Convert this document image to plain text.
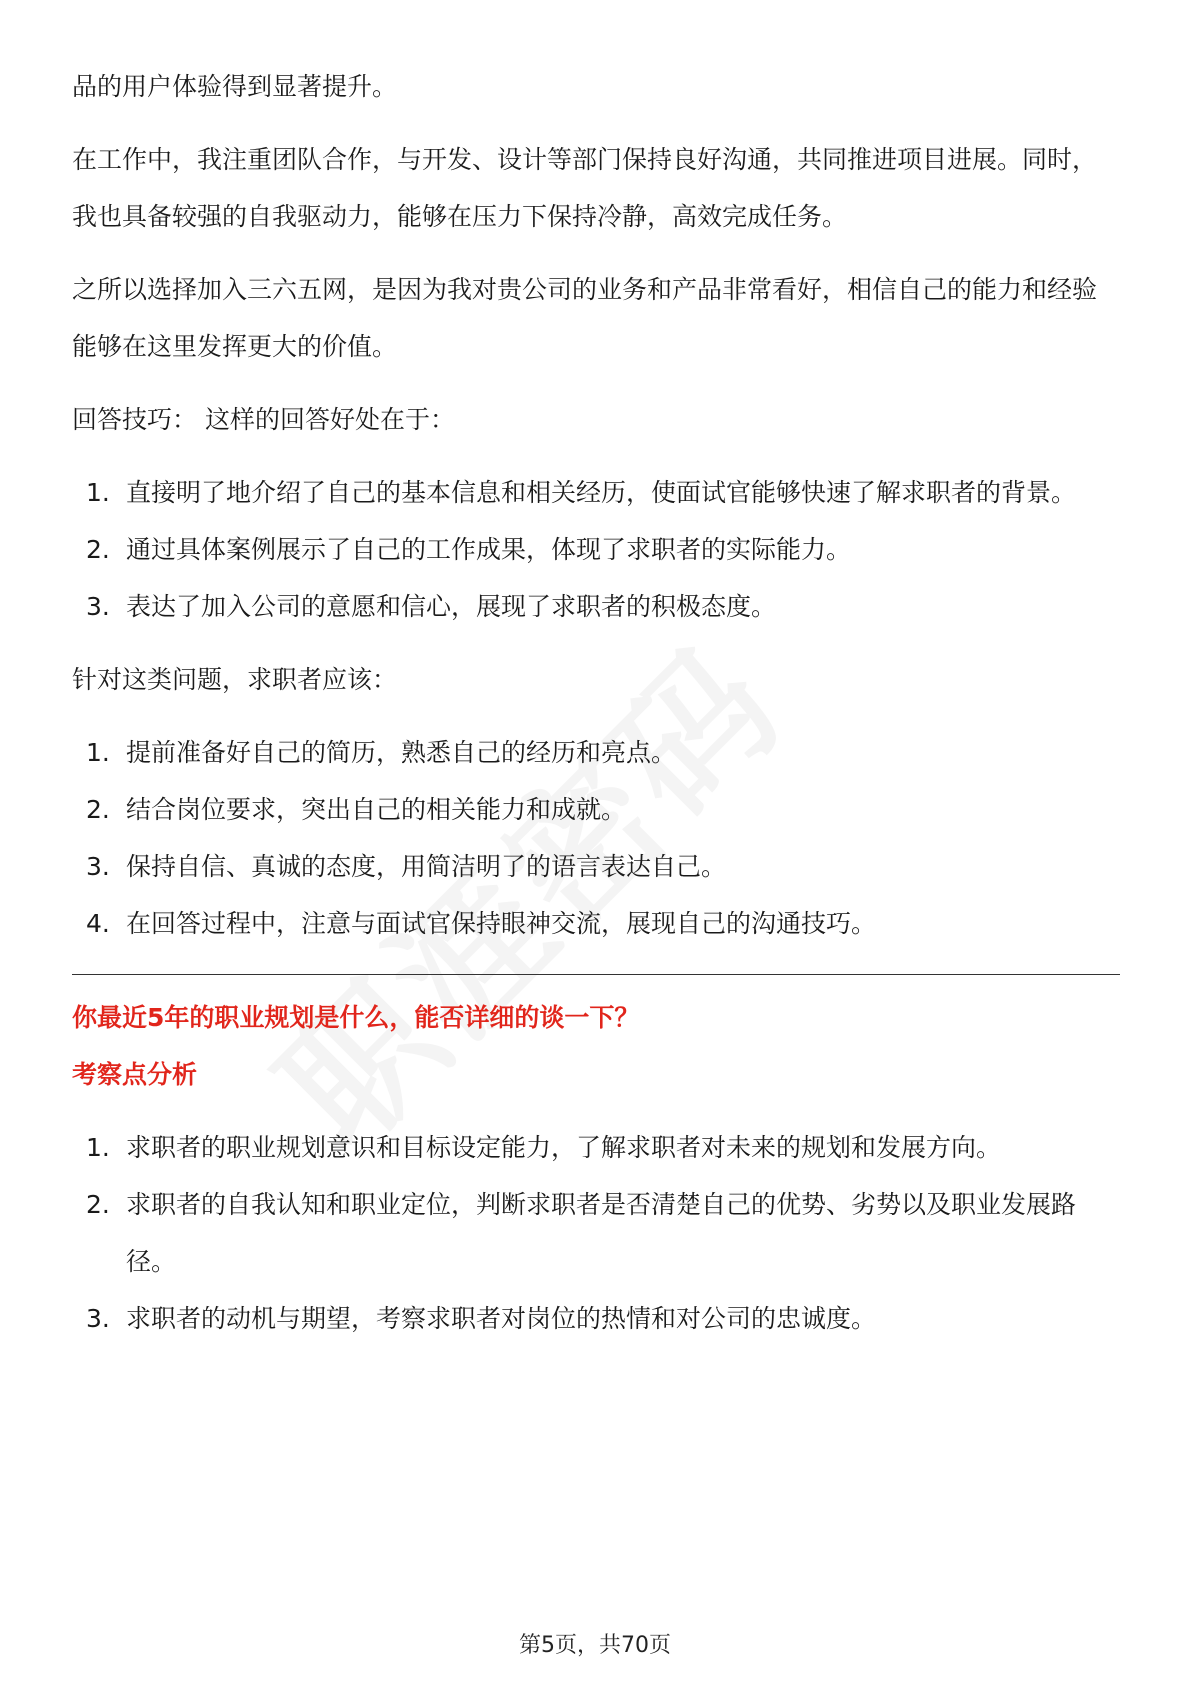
品的用户体验得到显著提升。

在工作中，我注重团队合作，与开发、设计等部门保持良好沟通，共同推进项目进展。同时，我也具备较强的自我驱动力，能够在压力下保持冷静，高效完成任务。

之所以选择加入三六五网，是因为我对贵公司的业务和产品非常看好，相信自己的能力和经验能够在这里发挥更大的价值。

回答技巧： 这样的回答好处在于：

1. 直接明了地介绍了自己的基本信息和相关经历，使面试官能够快速了解求职者的背景。
2. 通过具体案例展示了自己的工作成果，体现了求职者的实际能力。
3. 表达了加入公司的意愿和信心，展现了求职者的积极态度。

针对这类问题，求职者应该：

1. 提前准备好自己的简历，熟悉自己的经历和亮点。
2. 结合岗位要求，突出自己的相关能力和成就。
3. 保持自信、真诚的态度，用简洁明了的语言表达自己。
4. 在回答过程中，注意与面试官保持眼神交流，展现自己的沟通技巧。

你最近5年的职业规划是什么，能否详细的谈一下？

考察点分析

1. 求职者的职业规划意识和目标设定能力，了解求职者对未来的规划和发展方向。
2. 求职者的自我认知和职业定位，判断求职者是否清楚自己的优势、劣势以及职业发展路径。
3. 求职者的动机与期望，考察求职者对岗位的热情和对公司的忠诚度。
第5页，共70页
